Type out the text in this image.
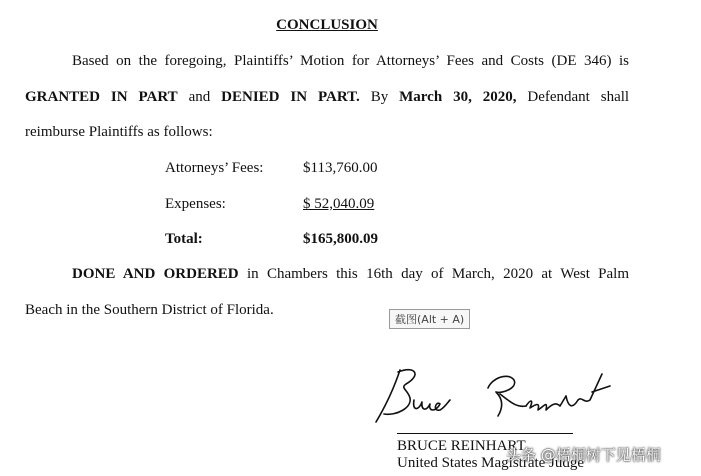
CONCLUSION
Based on the foregoing, Plaintiffs’ Motion for Attorneys’ Fees and Costs (DE 346) is
GRANTED IN PART and DENIED IN PART. By March 30, 2020, Defendant shall
reimburse Plaintiffs as follows:
Attorneys’ Fees:	$113,760.00
Expenses:	$ 52,040.09
Total:	$165,800.09
DONE AND ORDERED in Chambers this 16th day of March, 2020 at West Palm
Beach in the Southern District of Florida.
截图(Alt + A)
BRUCE REINHART
United States Magistrate Judge
头条 @梧桐树下见梧桐
